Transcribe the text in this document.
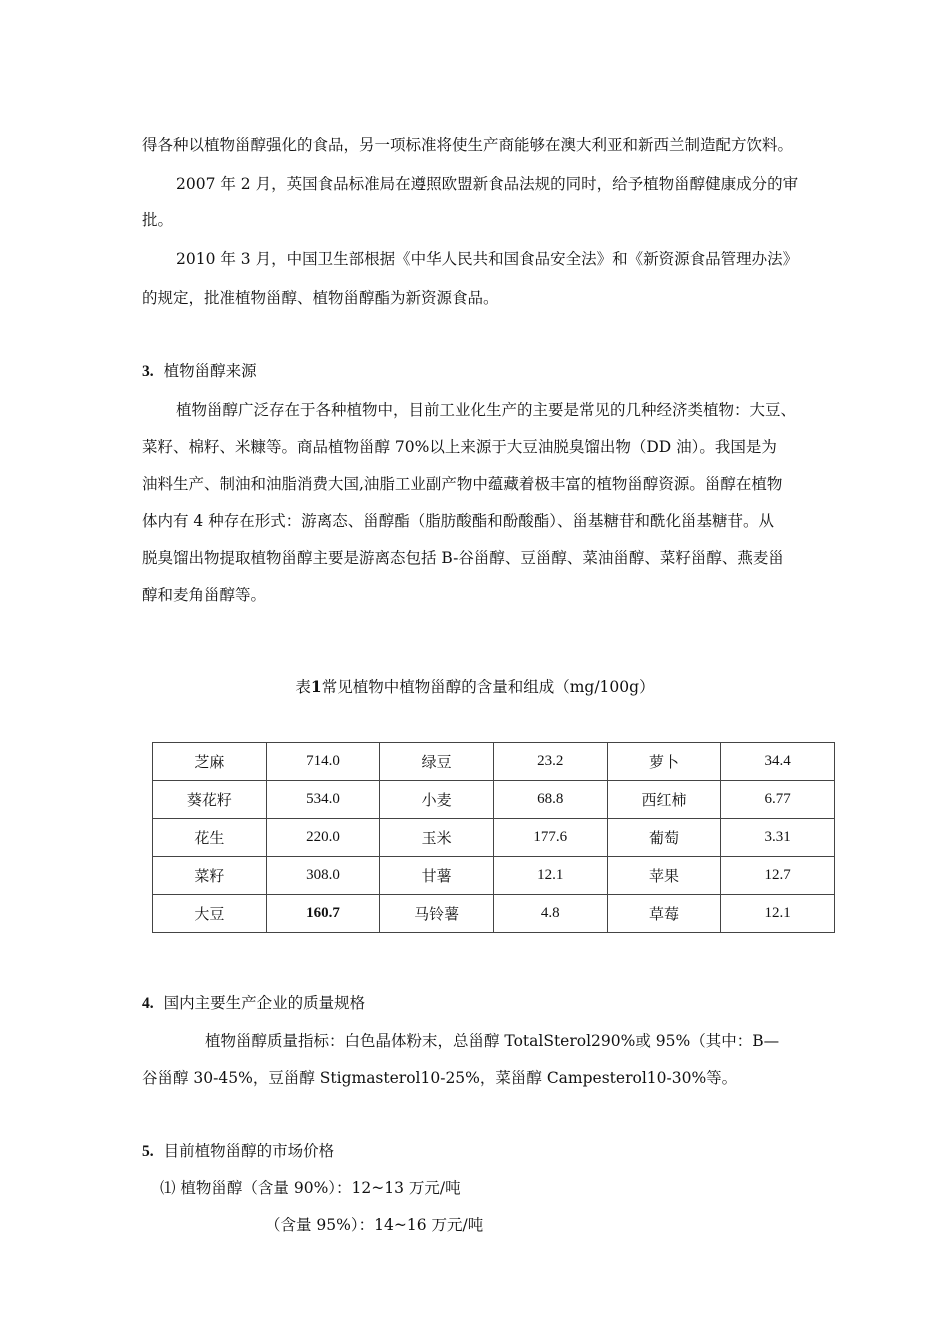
得各种以植物甾醇强化的食品，另一项标准将使生产商能够在澳大利亚和新西兰制造配方饮料。
2007 年 2 月，英国食品标准局在遵照欧盟新食品法规的同时，给予植物甾醇健康成分的审
批。
2010 年 3 月，中国卫生部根据《中华人民共和国食品安全法》和《新资源食品管理办法》
的规定，批准植物甾醇、植物甾醇酯为新资源食品。
3. 植物甾醇来源
植物甾醇广泛存在于各种植物中，目前工业化生产的主要是常见的几种经济类植物：大豆、
菜籽、棉籽、米糠等。商品植物甾醇 70%以上来源于大豆油脱臭馏出物（DD 油）。我国是为
油料生产、制油和油脂消费大国,油脂工业副产物中蕴藏着极丰富的植物甾醇资源。甾醇在植物
体内有 4 种存在形式：游离态、甾醇酯（脂肪酸酯和酚酸酯）、甾基糖苷和酰化甾基糖苷。从
脱臭馏出物提取植物甾醇主要是游离态包括 B-谷甾醇、豆甾醇、菜油甾醇、菜籽甾醇、燕麦甾
醇和麦角甾醇等。
表1常见植物中植物甾醇的含量和组成（mg/100g）
芝麻	714.0	绿豆	23.2	萝卜	34.4
葵花籽	534.0	小麦	68.8	西红柿	6.77
花生	220.0	玉米	177.6	葡萄	3.31
菜籽	308.0	甘薯	12.1	苹果	12.7
大豆	160.7	马铃薯	4.8	草莓	12.1
4. 国内主要生产企业的质量规格
植物甾醇质量指标：白色晶体粉末，总甾醇 TotalSterol290%或 95%（其中：B—
谷甾醇 30-45%，豆甾醇 Stigmasterol10-25%，菜甾醇 Campesterol10-30%等。
5. 目前植物甾醇的市场价格
⑴ 植物甾醇（含量 90%）：12~13 万元/吨
（含量 95%）：14~16 万元/吨
